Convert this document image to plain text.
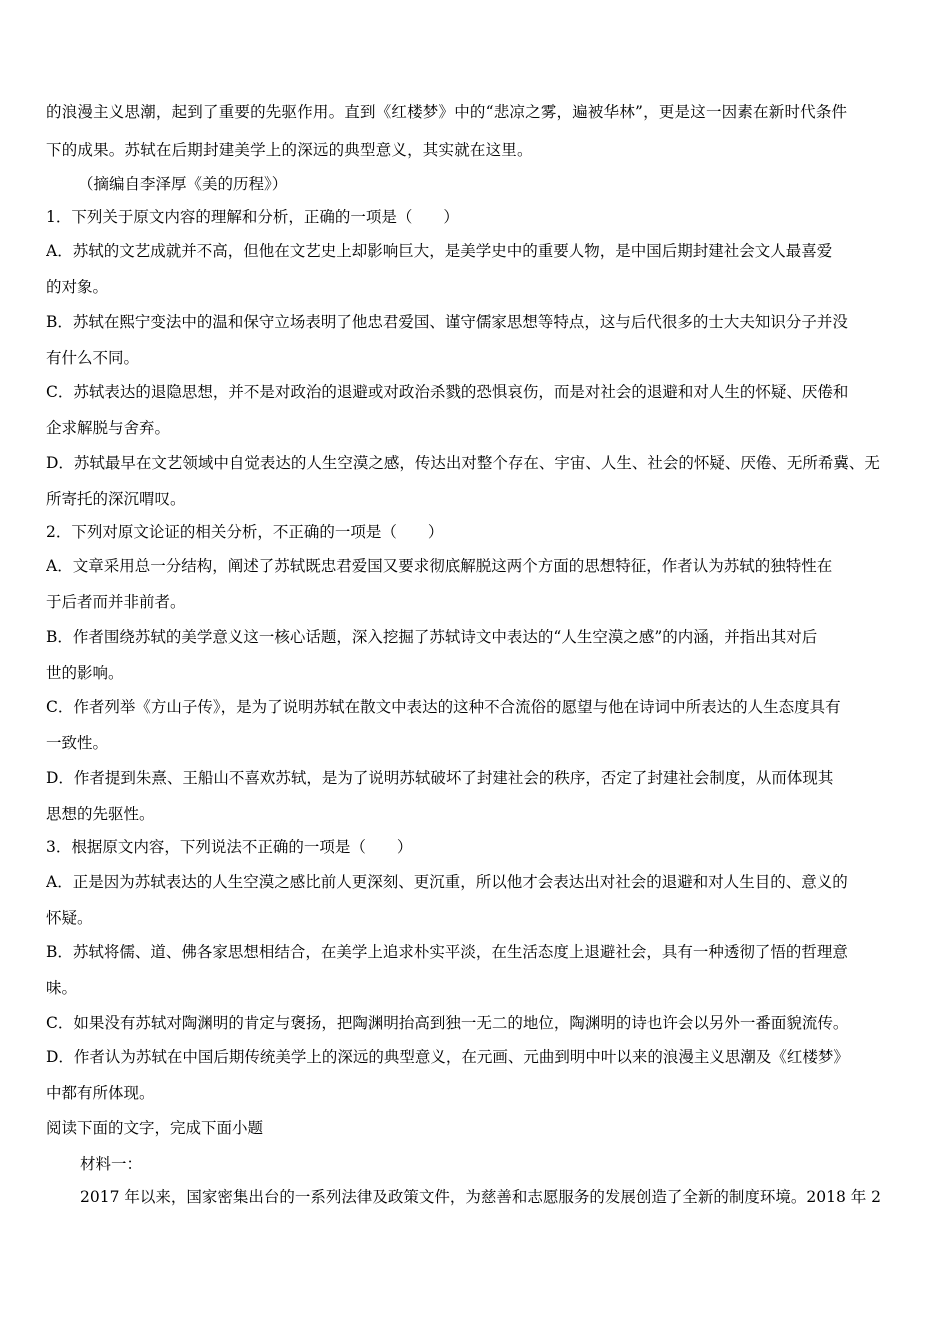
的浪漫主义思潮，起到了重要的先驱作用。直到《红楼梦》中的“悲凉之雾，遍被华林”，更是这一因素在新时代条件
下的成果。苏轼在后期封建美学上的深远的典型意义，其实就在这里。
（摘编自李泽厚《美的历程》）
1．下列关于原文内容的理解和分析，正确的一项是（　　）
A．苏轼的文艺成就并不高，但他在文艺史上却影响巨大，是美学史中的重要人物，是中国后期封建社会文人最喜爱
的对象。
B．苏轼在熙宁变法中的温和保守立场表明了他忠君爱国、谨守儒家思想等特点，这与后代很多的士大夫知识分子并没
有什么不同。
C．苏轼表达的退隐思想，并不是对政治的退避或对政治杀戮的恐惧哀伤，而是对社会的退避和对人生的怀疑、厌倦和
企求解脱与舍弃。
D．苏轼最早在文艺领域中自觉表达的人生空漠之感，传达出对整个存在、宇宙、人生、社会的怀疑、厌倦、无所希冀、无
所寄托的深沉喟叹。
2．下列对原文论证的相关分析，不正确的一项是（　　）
A．文章采用总一分结构，阐述了苏轼既忠君爱国又要求彻底解脱这两个方面的思想特征，作者认为苏轼的独特性在
于后者而并非前者。
B．作者围绕苏轼的美学意义这一核心话题，深入挖掘了苏轼诗文中表达的“人生空漠之感”的内涵，并指出其对后
世的影响。
C．作者列举《方山子传》，是为了说明苏轼在散文中表达的这种不合流俗的愿望与他在诗词中所表达的人生态度具有
一致性。
D．作者提到朱熹、王船山不喜欢苏轼，是为了说明苏轼破坏了封建社会的秩序，否定了封建社会制度，从而体现其
思想的先驱性。
3．根据原文内容，下列说法不正确的一项是（　　）
A．正是因为苏轼表达的人生空漠之感比前人更深刻、更沉重，所以他才会表达出对社会的退避和对人生目的、意义的
怀疑。
B．苏轼将儒、道、佛各家思想相结合，在美学上追求朴实平淡，在生活态度上退避社会，具有一种透彻了悟的哲理意
味。
C．如果没有苏轼对陶渊明的肯定与褒扬，把陶渊明抬高到独一无二的地位，陶渊明的诗也许会以另外一番面貌流传。
D．作者认为苏轼在中国后期传统美学上的深远的典型意义，在元画、元曲到明中叶以来的浪漫主义思潮及《红楼梦》
中都有所体现。
阅读下面的文字，完成下面小题
材料一：
2017 年以来，国家密集出台的一系列法律及政策文件，为慈善和志愿服务的发展创造了全新的制度环境。2018 年 2
